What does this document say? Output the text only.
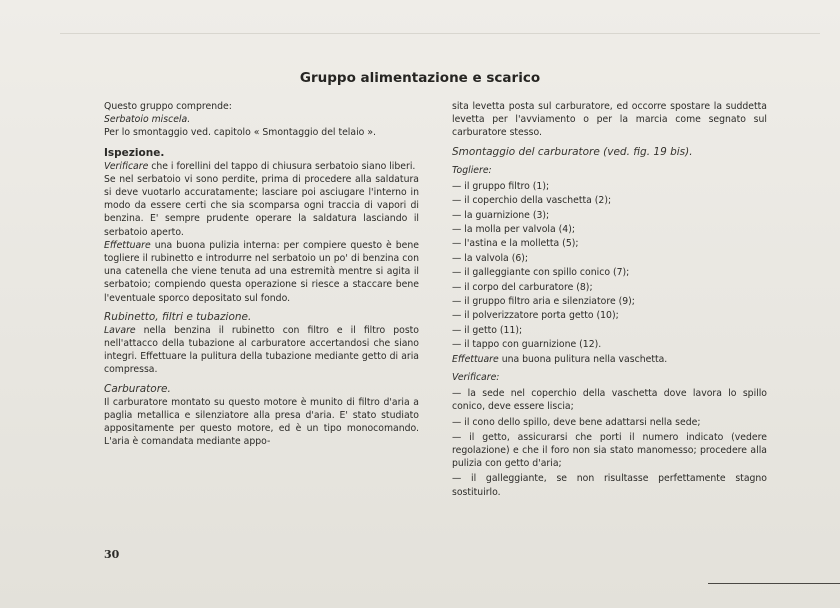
Gruppo alimentazione e scarico

Questo gruppo comprende:

Serbatoio miscela.

Per lo smontaggio ved. capitolo « Smontaggio del telaio ».

Ispezione.

Verificare che i forellini del tappo di chiusura serbatoio siano liberi.

Se nel serbatoio vi sono perdite, prima di procedere alla saldatura si deve vuotarlo accuratamente; lasciare poi asciugare l'interno in modo da essere certi che sia scomparsa ogni traccia di vapori di benzina. E' sempre prudente operare la saldatura lasciando il serbatoio aperto.

Effettuare una buona pulizia interna: per compiere questo è bene togliere il rubinetto e introdurre nel serbatoio un po' di benzina con una catenella che viene tenuta ad una estremità mentre si agita il serbatoio; compiendo questa operazione si riesce a staccare bene l'eventuale sporco depositato sul fondo.

Rubinetto, filtri e tubazione.

Lavare nella benzina il rubinetto con filtro e il filtro posto nell'attacco della tubazione al carburatore accertandosi che siano integri. Effettuare la pulitura della tubazione mediante getto di aria compressa.

Carburatore.

Il carburatore montato su questo motore è munito di filtro d'aria a paglia metallica e silenziatore alla presa d'aria. E' stato studiato appositamente per questo motore, ed è un tipo monocomando. L'aria è comandata mediante appo-

sita levetta posta sul carburatore, ed occorre spostare la suddetta levetta per l'avviamento o per la marcia come segnato sul carburatore stesso.

Smontaggio del carburatore (ved. fig. 19 bis).

Togliere:

— il gruppo filtro (1);
— il coperchio della vaschetta (2);
— la guarnizione (3);
— la molla per valvola (4);
— l'astina e la molletta (5);
— la valvola (6);
— il galleggiante con spillo conico (7);
— il corpo del carburatore (8);
— il gruppo filtro aria e silenziatore (9);
— il polverizzatore porta getto (10);
— il getto (11);
— il tappo con guarnizione (12).

Effettuare una buona pulitura nella vaschetta.

Verificare:

— la sede nel coperchio della vaschetta dove lavora lo spillo conico, deve essere liscia;
— il cono dello spillo, deve bene adattarsi nella sede;
— il getto, assicurarsi che porti il numero indicato (vedere regolazione) e che il foro non sia stato manomesso; procedere alla pulizia con getto d'aria;
— il galleggiante, se non risultasse perfettamente stagno sostituirlo.
30
